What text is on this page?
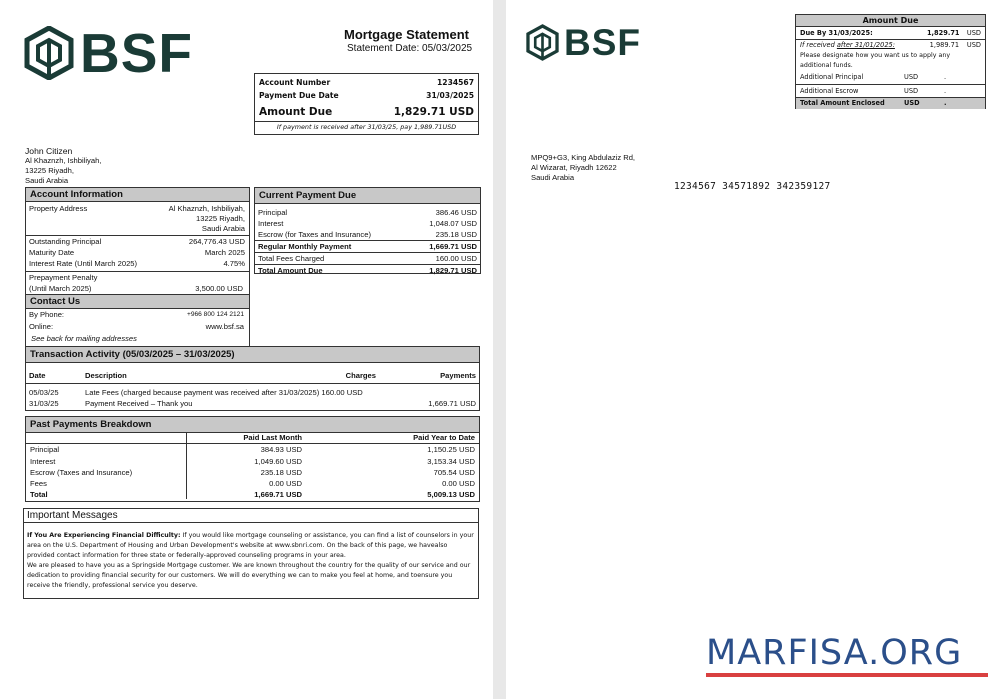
BSF	Mortgage Statement
Statement Date: 05/03/2025
Account Number	1234567
Payment Due Date	31/03/2025
Amount Due	1,829.71 USD
If payment is received after 31/03/25, pay 1,989.71USD
John Citizen
Al Khaznzh, Ishbiliyah,
13225 Riyadh,
Saudi Arabia
Account Information
Property Address	Al Khaznzh, Ishbiliyah,
13225 Riyadh,
Saudi Arabia
Outstanding Principal	264,776.43 USD
Maturity Date	March 2025
Interest Rate (Until March 2025)	4.75%
Prepayment Penalty
(Until March 2025)	3,500.00 USD
Contact Us
By Phone:	+966 800 124 2121
Online:	www.bsf.sa
See back for mailing addresses
Transaction Activity (05/03/2025 – 31/03/2025)
Date	Description	Charges	Payments

05/03/25	Late Fees (charged because payment was received after 31/03/2025) 160.00 USD		
31/03/25	Payment Received – Thank you		1,669.71 USD
Past Payments Breakdown
	Paid Last Month	Paid Year to Date
Principal	384.93 USD	1,150.25 USD
Interest	1,049.60 USD	3,153.34 USD
Escrow (Taxes and Insurance)	235.18 USD	705.54 USD
Fees	0.00 USD	0.00 USD
Total	1,669.71 USD	5,009.13 USD
Important Messages

If You Are Experiencing Financial Difficulty: If you would like mortgage counseling or assistance, you can find a list of counselors in your area on the U.S. Department of Housing and Urban Development's website at www.sbnri.com. On the back of this page, we havealso provided contact information for three state or federally-approved counseling programs in your area.

We are pleased to have you as a Springside Mortgage customer. We are known throughout the country for the quality of our service and our dedication to providing financial security for our customers. We will do everything we can to make you feel at home, and toensure you receive the friendly, professional service you deserve.

BSF
Amount Due
Due By 31/03/2025:	1,829.71	USD
If received after 31/01/2025:	1,989.71	USD
Please designate how you want us to apply any additional funds.
Additional Principal	USD	.
Additional Escrow	USD	.
Total Amount Enclosed	USD	.
MPQ9+G3, King Abdulaziz Rd,
Al Wizarat, Riyadh 12622
Saudi Arabia
1234567 34571892 342359127
MARFISA.ORG
Current Payment Due
Principal	386.46 USD
Interest	1,048.07 USD
Escrow (for Taxes and Insurance)	235.18 USD
Regular Monthly Payment	1,669.71 USD
Total Fees Charged	160.00 USD
Total Amount Due	1,829.71 USD
